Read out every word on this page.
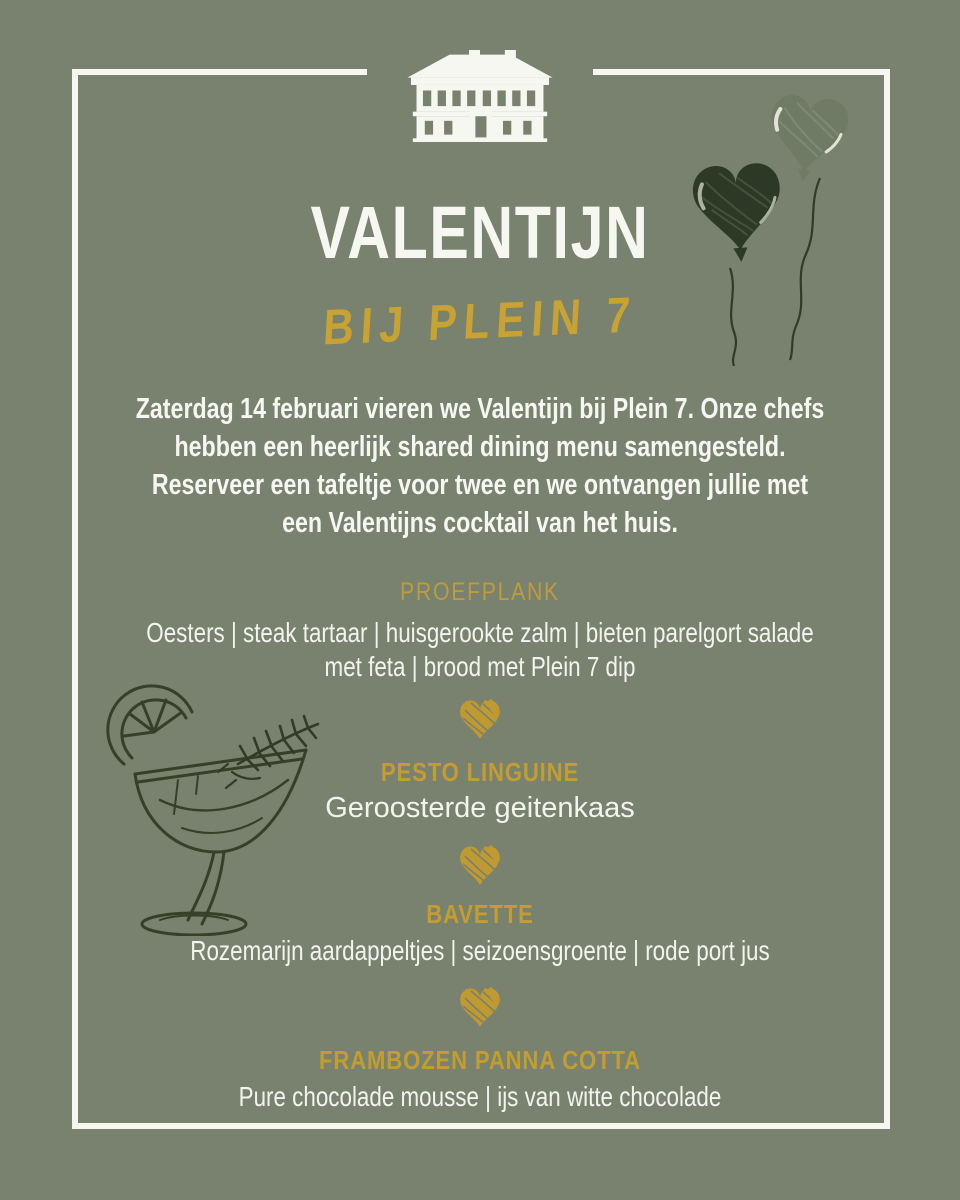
VALENTIJN
BIJ PLEIN 7
Zaterdag 14 februari vieren we Valentijn bij Plein 7. Onze chefs
hebben een heerlijk shared dining menu samengesteld.
Reserveer een tafeltje voor twee en we ontvangen jullie met
een Valentijns cocktail van het huis.
PROEFPLANK
Oesters | steak tartaar | huisgerookte zalm | bieten parelgort salade
met feta | brood met Plein 7 dip
PESTO LINGUINE
Geroosterde geitenkaas
BAVETTE
Rozemarijn aardappeltjes | seizoensgroente | rode port jus
FRAMBOZEN PANNA COTTA
Pure chocolade mousse | ijs van witte chocolade
